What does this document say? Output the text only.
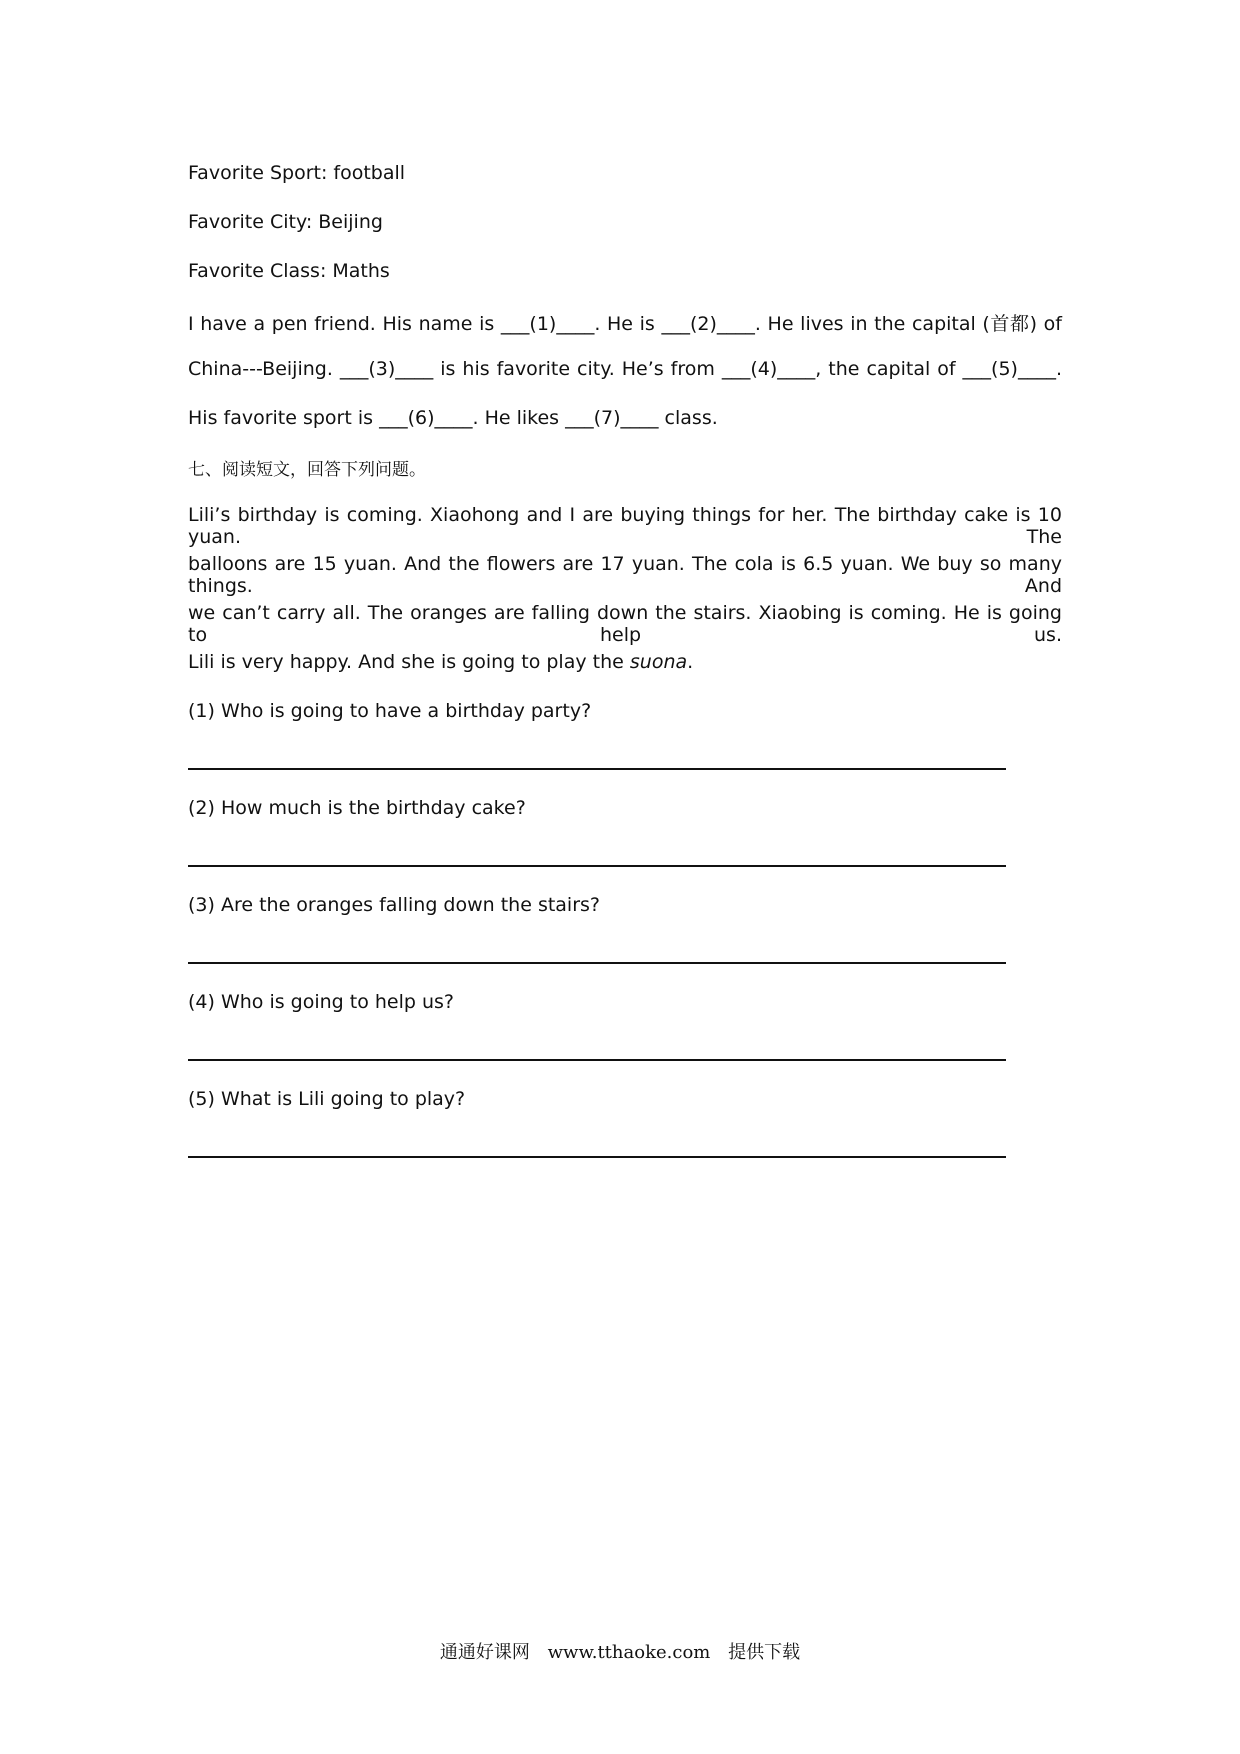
Favorite Sport: football
Favorite City: Beijing
Favorite Class: Maths
I have a pen friend. His name is ___(1)____. He is ___(2)____. He lives in the capital (首都) of
China---Beijing. ___(3)____ is his favorite city. He’s from ___(4)____, the capital of ___(5)____.
His favorite sport is ___(6)____. He likes ___(7)____ class.
七、阅读短文，回答下列问题。
Lili’s birthday is coming. Xiaohong and I are buying things for her. The birthday cake is 10 yuan. The
balloons are 15 yuan. And the flowers are 17 yuan. The cola is 6.5 yuan. We buy so many things. And
we can’t carry all. The oranges are falling down the stairs. Xiaobing is coming. He is going to help us.
Lili is very happy. And she is going to play the suona.
(1) Who is going to have a birthday party?
(2) How much is the birthday cake?
(3) Are the oranges falling down the stairs?
(4) Who is going to help us?
(5) What is Lili going to play?
通通好课网 www.tthaoke.com 提供下载
